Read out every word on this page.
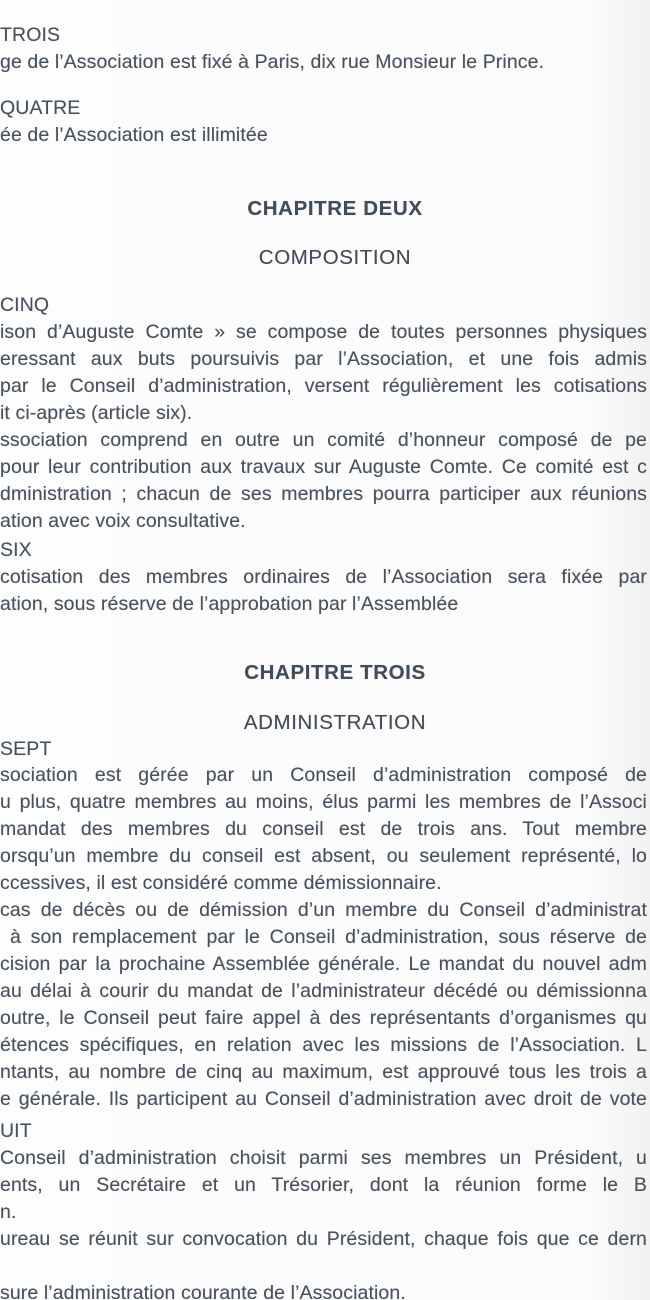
TROIS
ge de l’Association est fixé à Paris, dix rue Monsieur le Prince.
QUATRE
ée de l’Association est illimitée
CHAPITRE DEUX
COMPOSITION
CINQ
ison d’Auguste Comte » se compose de toutes personnes physiques
eressant aux buts poursuivis par l’Association, et une fois admis
par le Conseil d’administration, versent régulièrement les cotisations
it ci-après (article six).
ssociation comprend en outre un comité d’honneur composé de pe
pour leur contribution aux travaux sur Auguste Comte. Ce comité est c
dministration ; chacun de ses membres pourra participer aux réunions
ation avec voix consultative.
SIX
cotisation des membres ordinaires de l’Association sera fixée par
ation, sous réserve de l’approbation par l’Assemblée
CHAPITRE TROIS
ADMINISTRATION
SEPT
sociation est gérée par un Conseil d’administration composé de
u plus, quatre membres au moins, élus parmi les membres de l’Associ
mandat des membres du conseil est de trois ans. Tout membre
orsqu’un membre du conseil est absent, ou seulement représenté, lo
ccessives, il est considéré comme démissionnaire.
cas de décès ou de démission d’un membre du Conseil d’administrat
à son remplacement par le Conseil d’administration, sous réserve de
cision par la prochaine Assemblée générale. Le mandat du nouvel adm
au délai à courir du mandat de l’administrateur décédé ou démissionna
outre, le Conseil peut faire appel à des représentants d’organismes qu
étences spécifiques, en relation avec les missions de l’Association. L
ntants, au nombre de cinq au maximum, est approuvé tous les trois a
e générale. Ils participent au Conseil d’administration avec droit de vote
UIT
Conseil d’administration choisit parmi ses membres un Président, u
ents, un Secrétaire et un Trésorier, dont la réunion forme le B
n.
ureau se réunit sur convocation du Président, chaque fois que ce dern
sure l’administration courante de l’Association.
